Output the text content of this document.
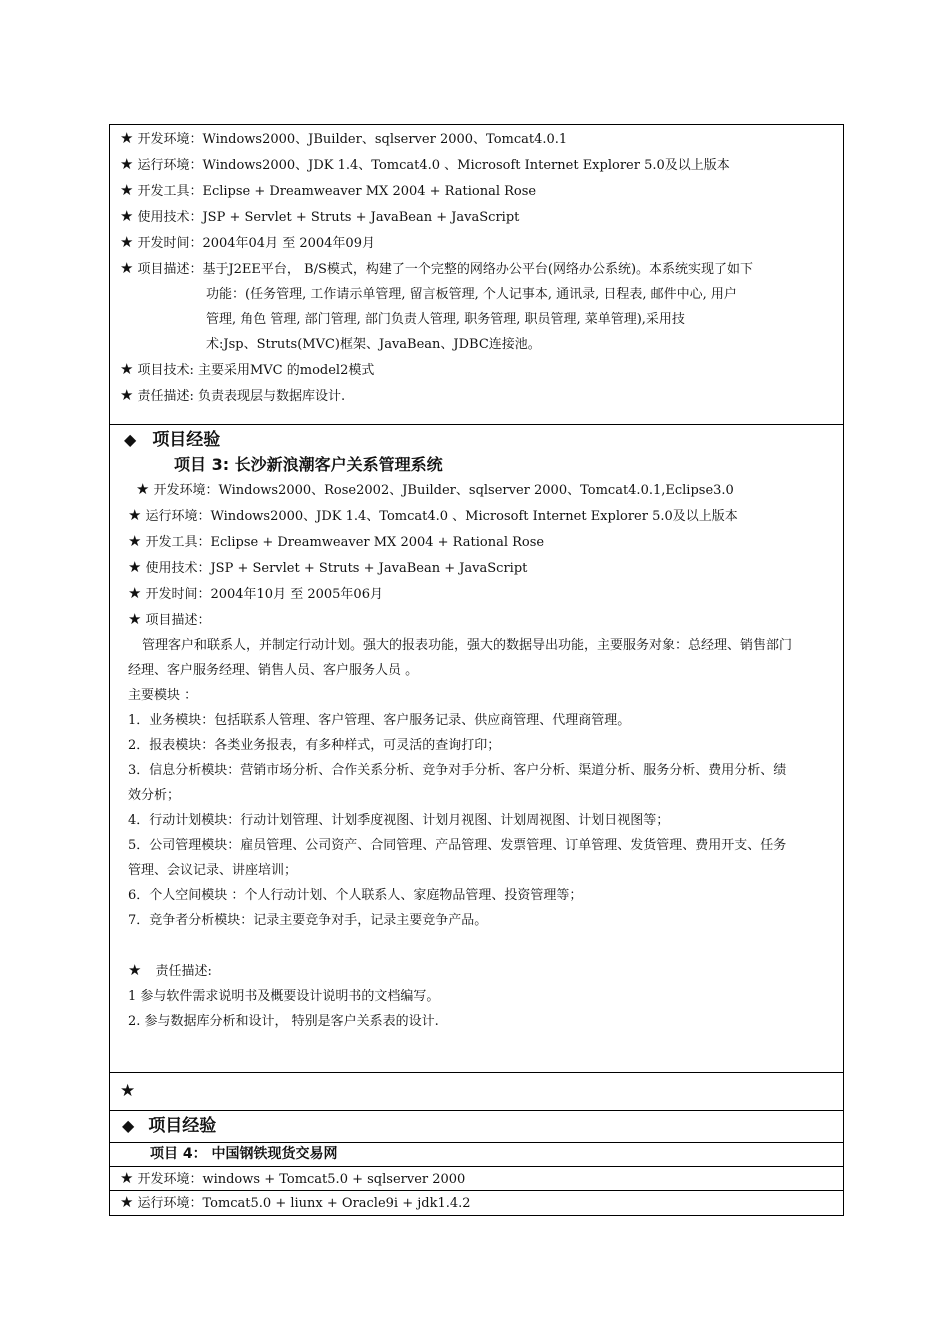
★ 开发环境：Windows2000、JBuilder、sqlserver 2000、Tomcat4.0.1
★ 运行环境：Windows2000、JDK 1.4、Tomcat4.0 、Microsoft Internet Explorer 5.0及以上版本
★ 开发工具：Eclipse + Dreamweaver MX 2004 + Rational Rose
★ 使用技术：JSP + Servlet + Struts + JavaBean + JavaScript
★ 开发时间：2004年04月 至 2004年09月
★ 项目描述：基于J2EE平台， B/S模式，构建了一个完整的网络办公平台(网络办公系统)。本系统实现了如下
功能：(任务管理, 工作请示单管理, 留言板管理, 个人记事本, 通讯录, 日程表, 邮件中心, 用户
管理, 角色 管理, 部门管理, 部门负责人管理, 职务管理, 职员管理, 菜单管理),采用技
术:Jsp、Struts(MVC)框架、JavaBean、JDBC连接池。
★ 项目技术: 主要采用MVC 的model2模式
★ 责任描述: 负责表现层与数据库设计.
◆ 项目经验
项目 3: 长沙新浪潮客户关系管理系统
★ 开发环境：Windows2000、Rose2002、JBuilder、sqlserver 2000、Tomcat4.0.1,Eclipse3.0
★ 运行环境：Windows2000、JDK 1.4、Tomcat4.0 、Microsoft Internet Explorer 5.0及以上版本
★ 开发工具：Eclipse + Dreamweaver MX 2004 + Rational Rose
★ 使用技术：JSP + Servlet + Struts + JavaBean + JavaScript
★ 开发时间：2004年10月 至 2005年06月
★ 项目描述：
管理客户和联系人，并制定行动计划。强大的报表功能，强大的数据导出功能，主要服务对象：总经理、销售部门
经理、客户服务经理、销售人员、客户服务人员 。
主要模块 ：
1．业务模块：包括联系人管理、客户管理、客户服务记录、供应商管理、代理商管理。
2．报表模块：各类业务报表，有多种样式，可灵活的查询打印；
3．信息分析模块：营销市场分析、合作关系分析、竞争对手分析、客户分析、渠道分析、服务分析、费用分析、绩
效分析；
4．行动计划模块：行动计划管理、计划季度视图、计划月视图、计划周视图、计划日视图等；
5．公司管理模块：雇员管理、公司资产、合同管理、产品管理、发票管理、订单管理、发货管理、费用开支、任务
管理、会议记录、讲座培训；
6．个人空间模块 ：个人行动计划、个人联系人、家庭物品管理、投资管理等；
7．竞争者分析模块：记录主要竞争对手，记录主要竞争产品。
★ 责任描述:
1 参与软件需求说明书及概要设计说明书的文档编写。
2. 参与数据库分析和设计， 特别是客户关系表的设计.
★
◆ 项目经验
项目 4： 中国钢铁现货交易网
★ 开发环境：windows + Tomcat5.0 + sqlserver 2000
★ 运行环境：Tomcat5.0 + liunx + Oracle9i + jdk1.4.2
